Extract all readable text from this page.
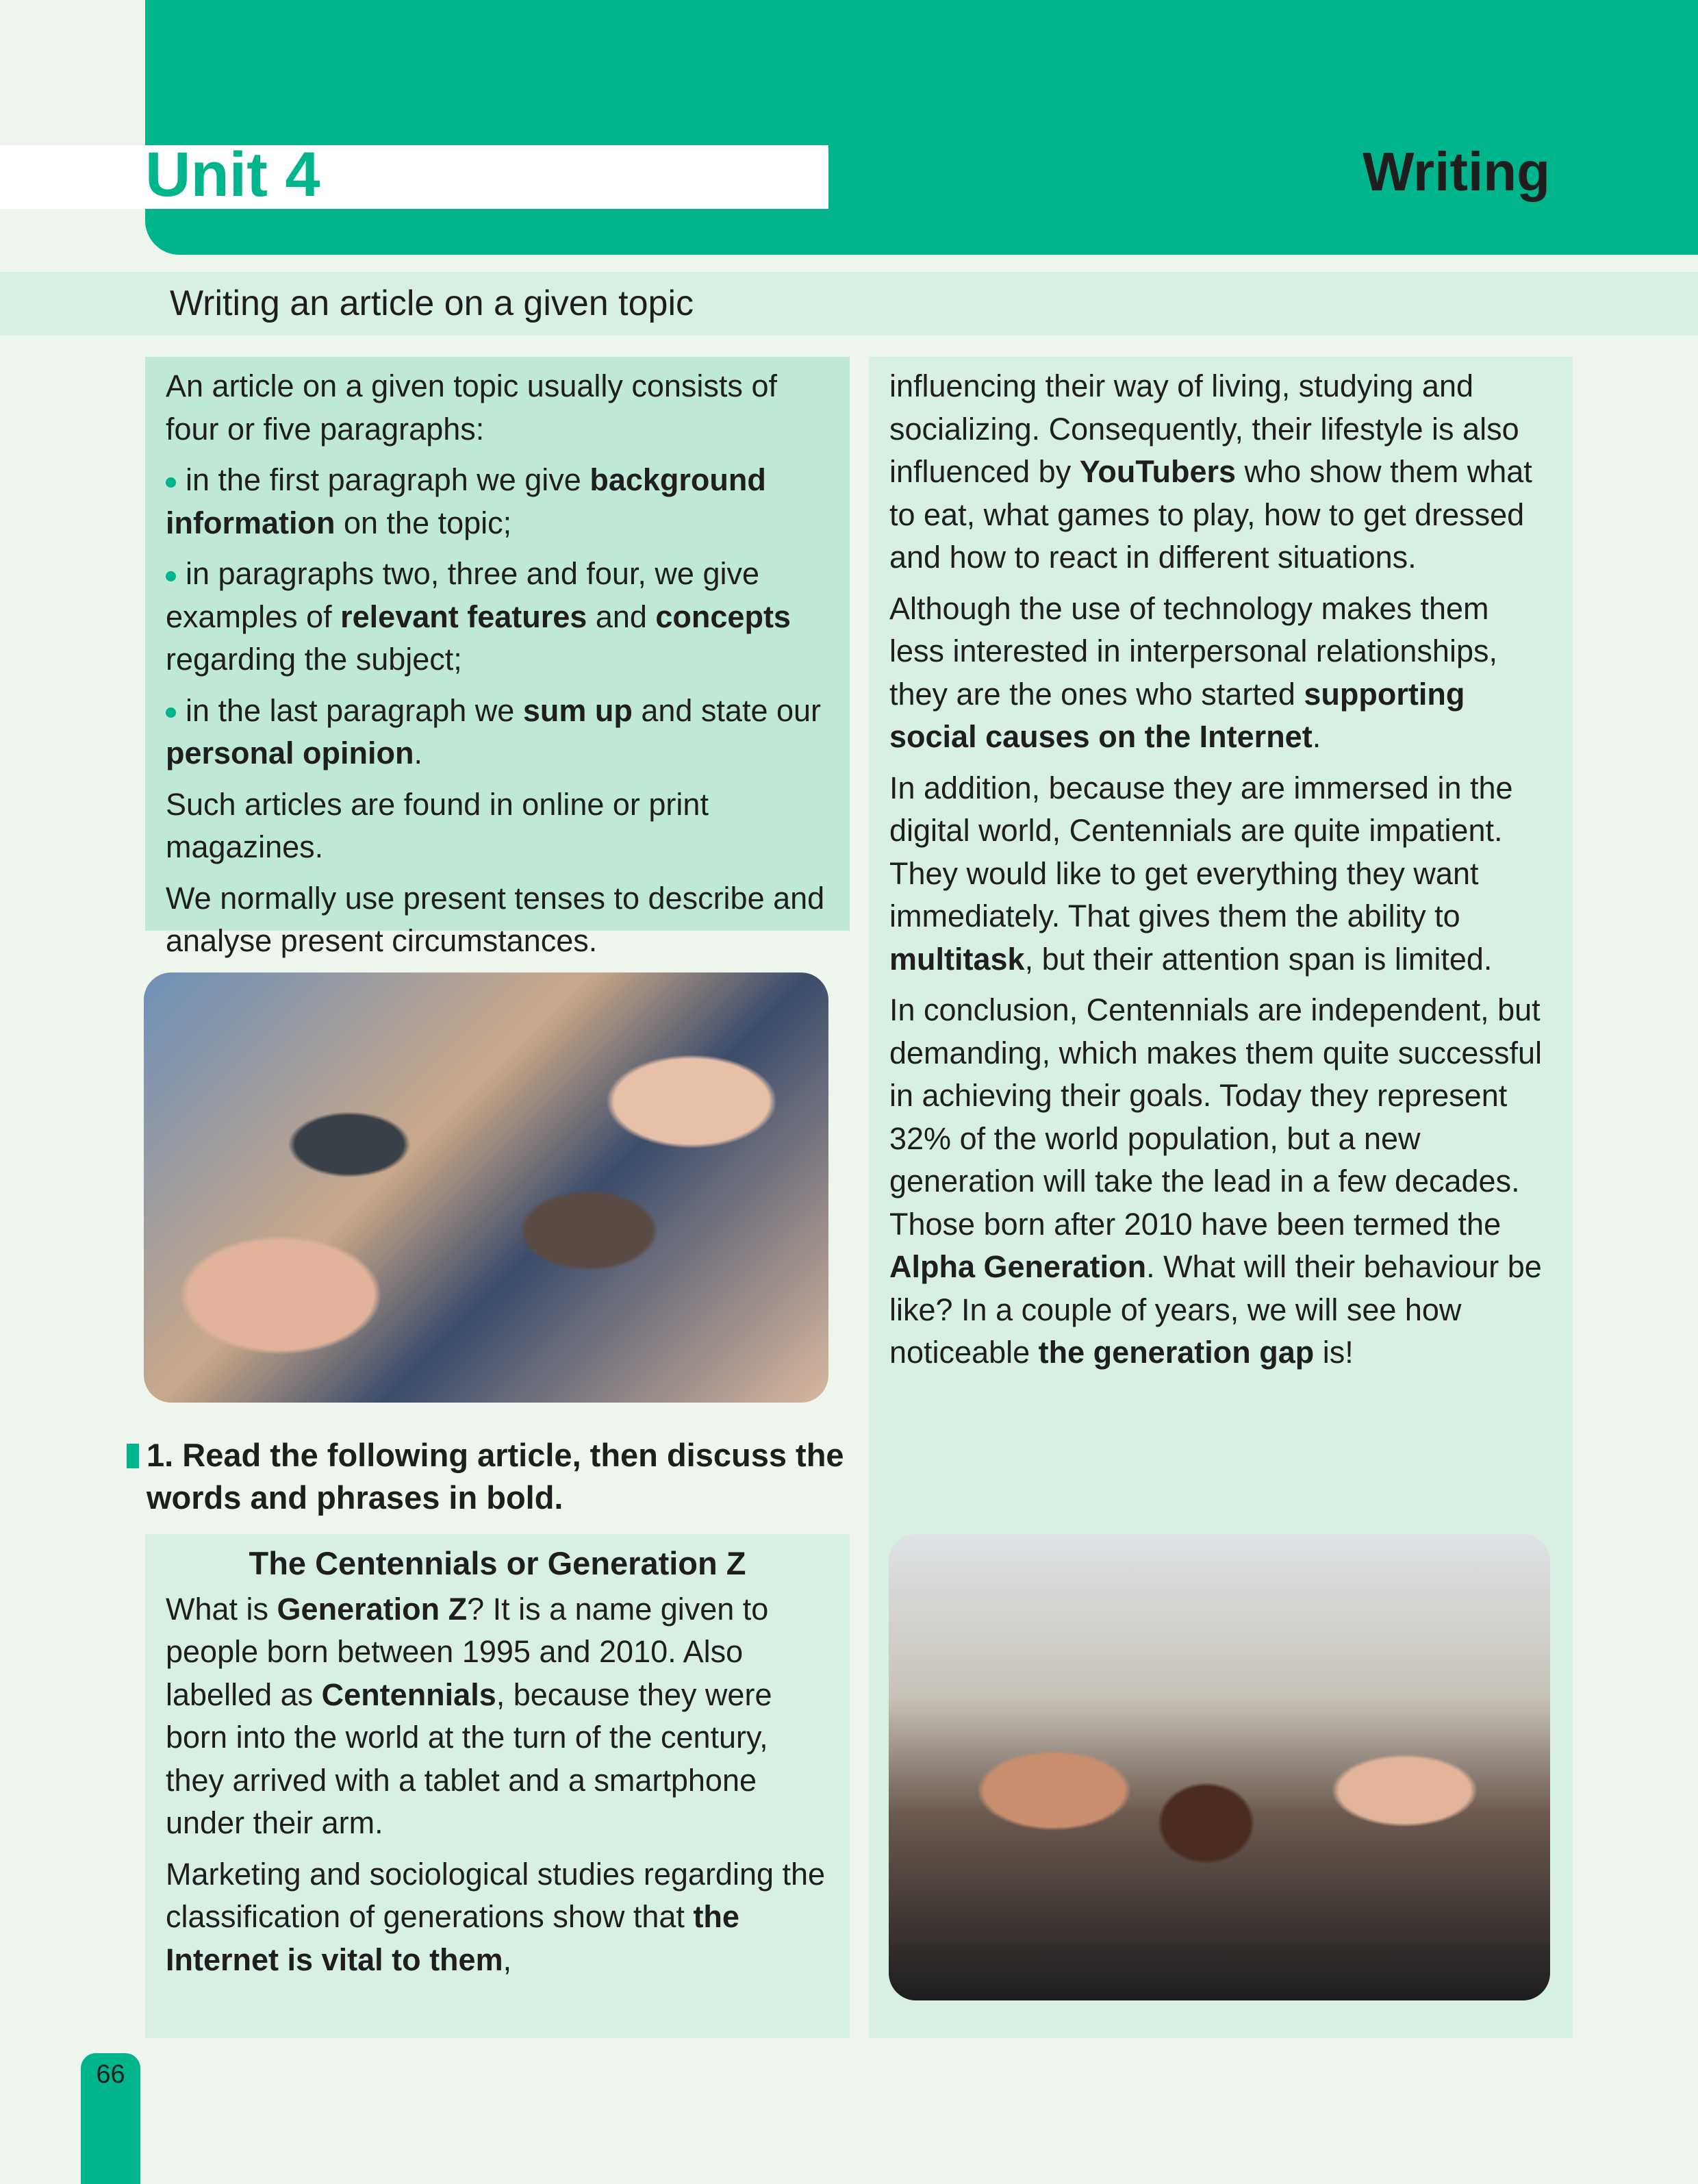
Unit 4	Writing
Writing an article on a given topic

An article on a given topic usually consists of four or five paragraphs:

in the first paragraph we give background information on the topic;

in paragraphs two, three and four, we give examples of relevant features and concepts regarding the subject;

in the last paragraph we sum up and state our personal opinion.

Such articles are found in online or print magazines.

We normally use present tenses to describe and analyse present circumstances.

1. Read the following article, then discuss the words and phrases in bold.
The Centennials or Generation Z

What is Generation Z? It is a name given to people born between 1995 and 2010. Also labelled as Centennials, because they were born into the world at the turn of the century, they arrived with a tablet and a smartphone under their arm.

Marketing and sociological studies regarding the classification of generations show that the Internet is vital to them,

influencing their way of living, studying and socializing. Consequently, their lifestyle is also influenced by YouTubers who show them what to eat, what games to play, how to get dressed and how to react in different situations.

Although the use of technology makes them less interested in interpersonal relationships, they are the ones who started supporting social causes on the Internet.

In addition, because they are immersed in the digital world, Centennials are quite impatient. They would like to get everything they want immediately. That gives them the ability to multitask, but their attention span is limited.

In conclusion, Centennials are independent, but demanding, which makes them quite successful in achieving their goals. Today they represent 32% of the world population, but a new generation will take the lead in a few decades. Those born after 2010 have been termed the Alpha Generation. What will their behaviour be like? In a couple of years, we will see how noticeable the generation gap is!

66
